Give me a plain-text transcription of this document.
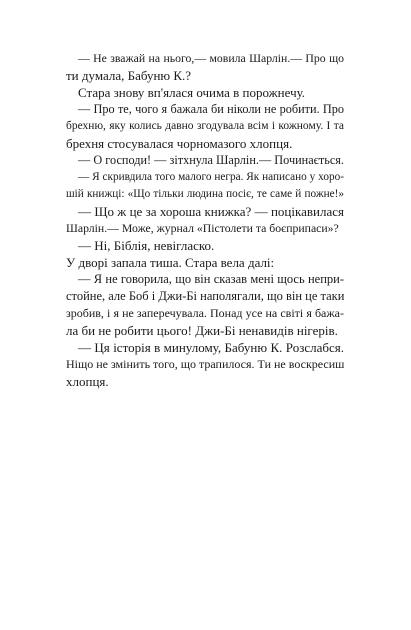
— Не зважай на нього,— мовила Шарлін.— Про що
ти думала, Бабуню К.?
Стара знову вп'ялася очима в порожнечу.
— Про те, чого я бажала би ніколи не робити. Про
брехню, яку колись давно згодувала всім і кожному. І та
брехня стосувалася чорномазого хлопця.
— О господи! — зітхнула Шарлін.— Починається.
— Я скривдила того малого негра. Як написано у хоро-
шій книжці: «Що тільки людина посіє, те саме й пожне!»
— Що ж це за хороша книжка? — поцікавилася
Шарлін.— Може, журнал «Пістолети та боєприпаси»?
— Ні, Біблія, невігласко.
У дворі запала тиша. Стара вела далі:
— Я не говорила, що він сказав мені щось непри-
стойне, але Боб і Джи-Бі наполягали, що він це таки
зробив, і я не заперечувала. Понад усе на світі я бажа-
ла би не робити цього! Джи-Бі ненавидів нігерів.
— Ця історія в минулому, Бабуню К. Розслабся.
Ніщо не змінить того, що трапилося. Ти не воскресиш
хлопця.
